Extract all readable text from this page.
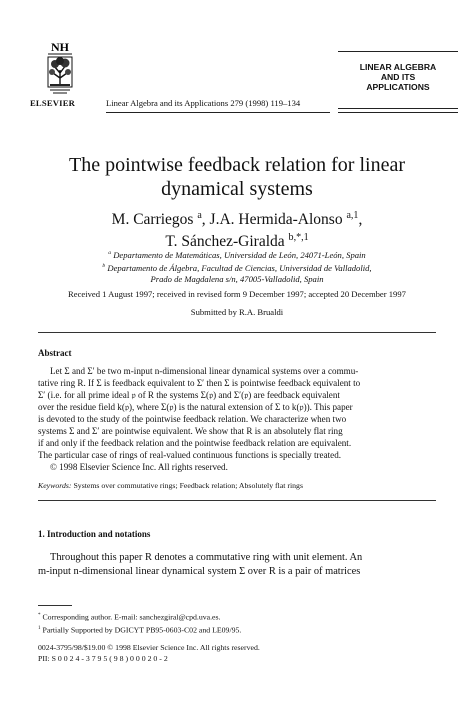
NH
ELSEVIER	Linear Algebra and its Applications 279 (1998) 119–134
LINEAR ALGEBRA
AND ITS
APPLICATIONS
The pointwise feedback relation for linear
dynamical systems
M. Carriegos $^a$, J.A. Hermida-Alonso $^{a,1}$,
T. Sánchez-Giralda $^{b,*,1}$
$^a$ Departamento de Matemáticas, Universidad de León, 24071-León, Spain
$^b$ Departamento de Álgebra, Facultad de Ciencias, Universidad de Valladolid,
Prado de Magdalena s/n, 47005-Valladolid, Spain
Received 1 August 1997; received in revised form 9 December 1997; accepted 20 December 1997
Submitted by R.A. Brualdi
Abstract
Let Σ and Σ′ be two m-input n-dimensional linear dynamical systems over a commu-
tative ring R. If Σ is feedback equivalent to Σ′ then Σ is pointwise feedback equivalent to
Σ′ (i.e. for all prime ideal 𝔭 of R the systems Σ(𝔭) and Σ′(𝔭) are feedback equivalent
over the residue field k(𝔭), where Σ(𝔭) is the natural extension of Σ to k(𝔭)). This paper
is devoted to the study of the pointwise feedback relation. We characterize when two
systems Σ and Σ′ are pointwise equivalent. We show that R is an absolutely flat ring
if and only if the feedback relation and the pointwise feedback relation are equivalent.
The particular case of rings of real-valued continuous functions is specially treated.
© 1998 Elsevier Science Inc. All rights reserved.
Keywords: Systems over commutative rings; Feedback relation; Absolutely flat rings
1. Introduction and notations
Throughout this paper R denotes a commutative ring with unit element. An
m-input n-dimensional linear dynamical system Σ over R is a pair of matrices
* Corresponding author. E-mail: sanchezgiral@cpd.uva.es.
$^1$ Partially Supported by DGICYT PB95-0603-C02 and LE09/95.
0024-3795/98/$19.00 © 1998 Elsevier Science Inc. All rights reserved.
PII: S 0 0 2 4 - 3 7 9 5 ( 9 8 ) 0 0 0 2 0 - 2
